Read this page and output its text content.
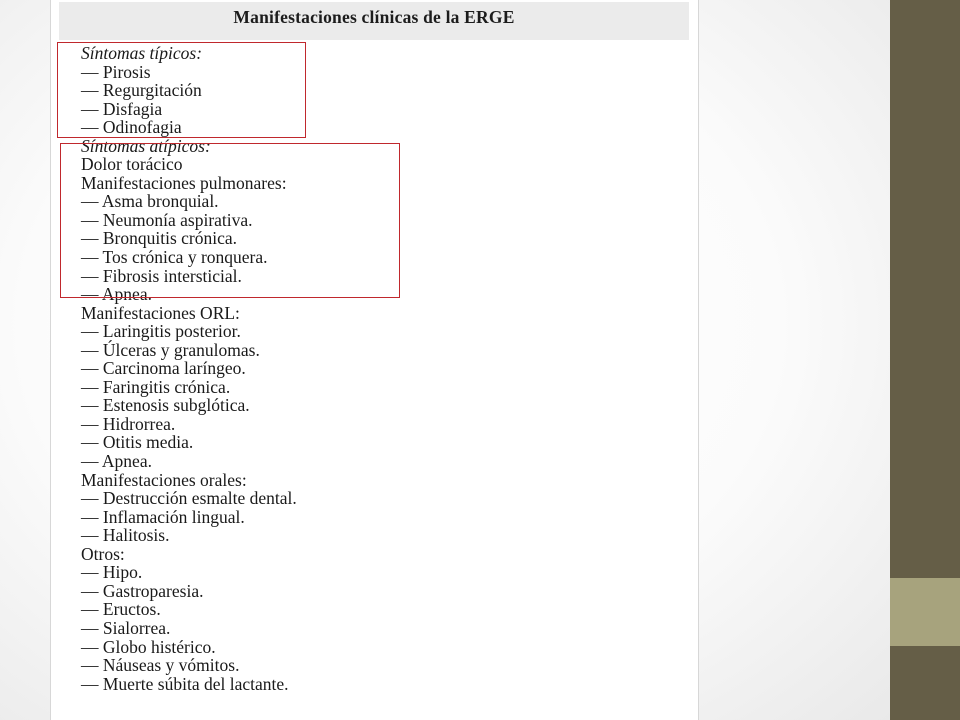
Manifestaciones clínicas de la ERGE
Síntomas típicos:
— Pirosis
— Regurgitación
— Disfagia
— Odinofagia
Síntomas atípicos:
Dolor torácico
Manifestaciones pulmonares:
— Asma bronquial.
— Neumonía aspirativa.
— Bronquitis crónica.
— Tos crónica y ronquera.
— Fibrosis intersticial.
— Apnea.
Manifestaciones ORL:
— Laringitis posterior.
— Úlceras y granulomas.
— Carcinoma laríngeo.
— Faringitis crónica.
— Estenosis subglótica.
— Hidrorrea.
— Otitis media.
— Apnea.
Manifestaciones orales:
— Destrucción esmalte dental.
— Inflamación lingual.
— Halitosis.
Otros:
— Hipo.
— Gastroparesia.
— Eructos.
— Sialorrea.
— Globo histérico.
— Náuseas y vómitos.
— Muerte súbita del lactante.
